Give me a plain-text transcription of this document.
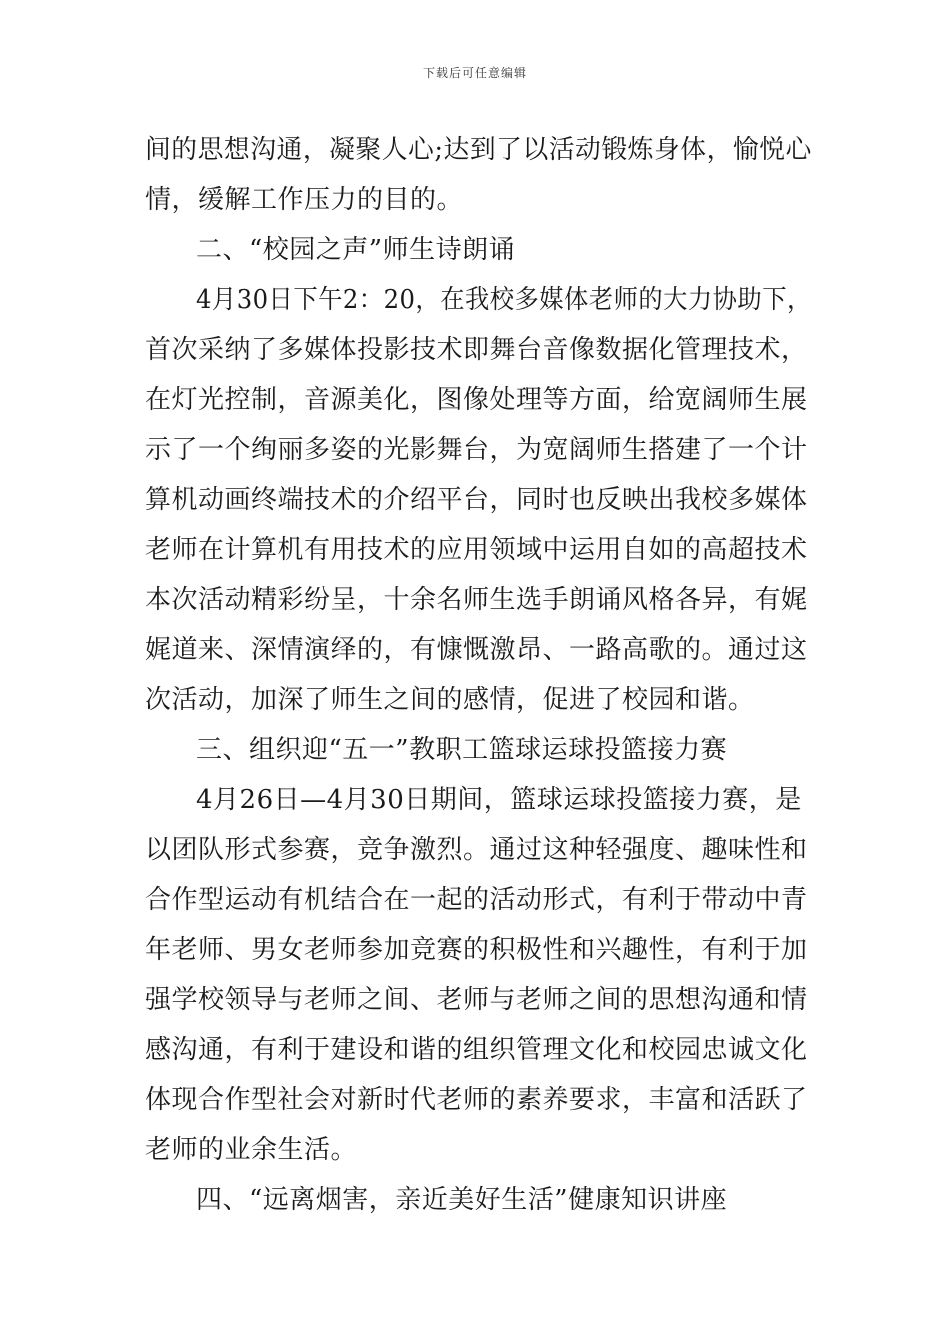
下载后可任意编辑
间的思想沟通，凝聚人心;达到了以活动锻炼身体，愉悦心
情，缓解工作压力的目的。
二、“校园之声”师生诗朗诵
4月30日下午2：20，在我校多媒体老师的大力协助下，
首次采纳了多媒体投影技术即舞台音像数据化管理技术，
在灯光控制，音源美化，图像处理等方面，给宽阔师生展
示了一个绚丽多姿的光影舞台，为宽阔师生搭建了一个计
算机动画终端技术的介绍平台，同时也反映出我校多媒体
老师在计算机有用技术的应用领域中运用自如的高超技术
本次活动精彩纷呈，十余名师生选手朗诵风格各异，有娓
娓道来、深情演绎的，有慷慨激昂、一路高歌的。通过这
次活动，加深了师生之间的感情，促进了校园和谐。
三、组织迎“五一”教职工篮球运球投篮接力赛
4月26日—4月30日期间，篮球运球投篮接力赛，是
以团队形式参赛，竞争激烈。通过这种轻强度、趣味性和
合作型运动有机结合在一起的活动形式，有利于带动中青
年老师、男女老师参加竞赛的积极性和兴趣性，有利于加
强学校领导与老师之间、老师与老师之间的思想沟通和情
感沟通，有利于建设和谐的组织管理文化和校园忠诚文化
体现合作型社会对新时代老师的素养要求，丰富和活跃了
老师的业余生活。
四、“远离烟害，亲近美好生活”健康知识讲座
